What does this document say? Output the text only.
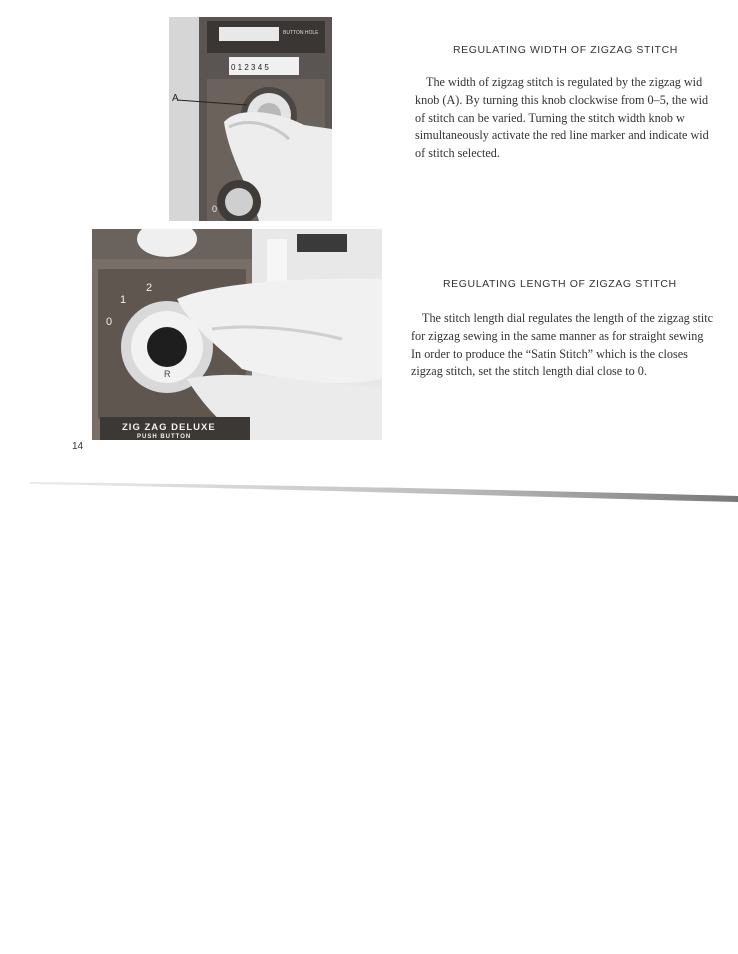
0 1 2 3 4 5
BUTTON HOLE
0
2
A
REGULATING WIDTH OF ZIGZAG STITCH
The width of zigzag stitch is regulated by the zigzag wid
knob (A). By turning this knob clockwise from 0–5, the wid
of stitch can be varied. Turning the stitch width knob w
simultaneously activate the red line marker and indicate wid
of stitch selected.
0
1
2
R
ZIG ZAG DELUXE
PUSH BUTTON
REGULATING LENGTH OF ZIGZAG STITCH
The stitch length dial regulates the length of the zigzag stitc
for zigzag sewing in the same manner as for straight sewing
In order to produce the “Satin Stitch” which is the closes
zigzag stitch, set the stitch length dial close to 0.
14
